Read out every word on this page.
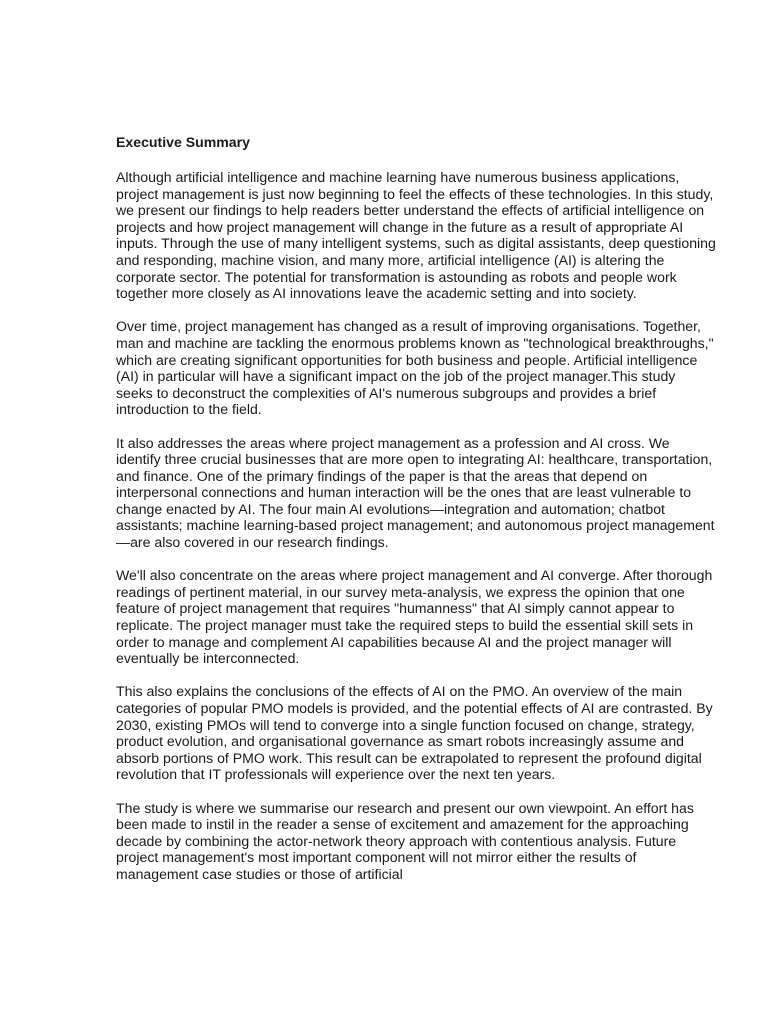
Executive Summary

Although artificial intelligence and machine learning have numerous business applications, project management is just now beginning to feel the effects of these technologies. In this study, we present our findings to help readers better understand the effects of artificial intelligence on projects and how project management will change in the future as a result of appropriate AI inputs. Through the use of many intelligent systems, such as digital assistants, deep questioning and responding, machine vision, and many more, artificial intelligence (AI) is altering the corporate sector. The potential for transformation is astounding as robots and people work together more closely as AI innovations leave the academic setting and into society.

Over time, project management has changed as a result of improving organisations. Together, man and machine are tackling the enormous problems known as "technological breakthroughs," which are creating significant opportunities for both business and people. Artificial intelligence (AI) in particular will have a significant impact on the job of the project manager.This study seeks to deconstruct the complexities of AI's numerous subgroups and provides a brief introduction to the field.

It also addresses the areas where project management as a profession and AI cross. We identify three crucial businesses that are more open to integrating AI: healthcare, transportation, and finance. One of the primary findings of the paper is that the areas that depend on interpersonal connections and human interaction will be the ones that are least vulnerable to change enacted by AI. The four main AI evolutions—integration and automation; chatbot assistants; machine learning-based project management; and autonomous project management—are also covered in our research findings.

We'll also concentrate on the areas where project management and AI converge. After thorough readings of pertinent material, in our survey meta-analysis, we express the opinion that one feature of project management that requires "humanness" that AI simply cannot appear to replicate. The project manager must take the required steps to build the essential skill sets in order to manage and complement AI capabilities because AI and the project manager will eventually be interconnected.

This also explains the conclusions of the effects of AI on the PMO. An overview of the main categories of popular PMO models is provided, and the potential effects of AI are contrasted. By 2030, existing PMOs will tend to converge into a single function focused on change, strategy, product evolution, and organisational governance as smart robots increasingly assume and absorb portions of PMO work. This result can be extrapolated to represent the profound digital revolution that IT professionals will experience over the next ten years.

The study is where we summarise our research and present our own viewpoint. An effort has been made to instil in the reader a sense of excitement and amazement for the approaching decade by combining the actor-network theory approach with contentious analysis. Future project management's most important component will not mirror either the results of management case studies or those of artificial
